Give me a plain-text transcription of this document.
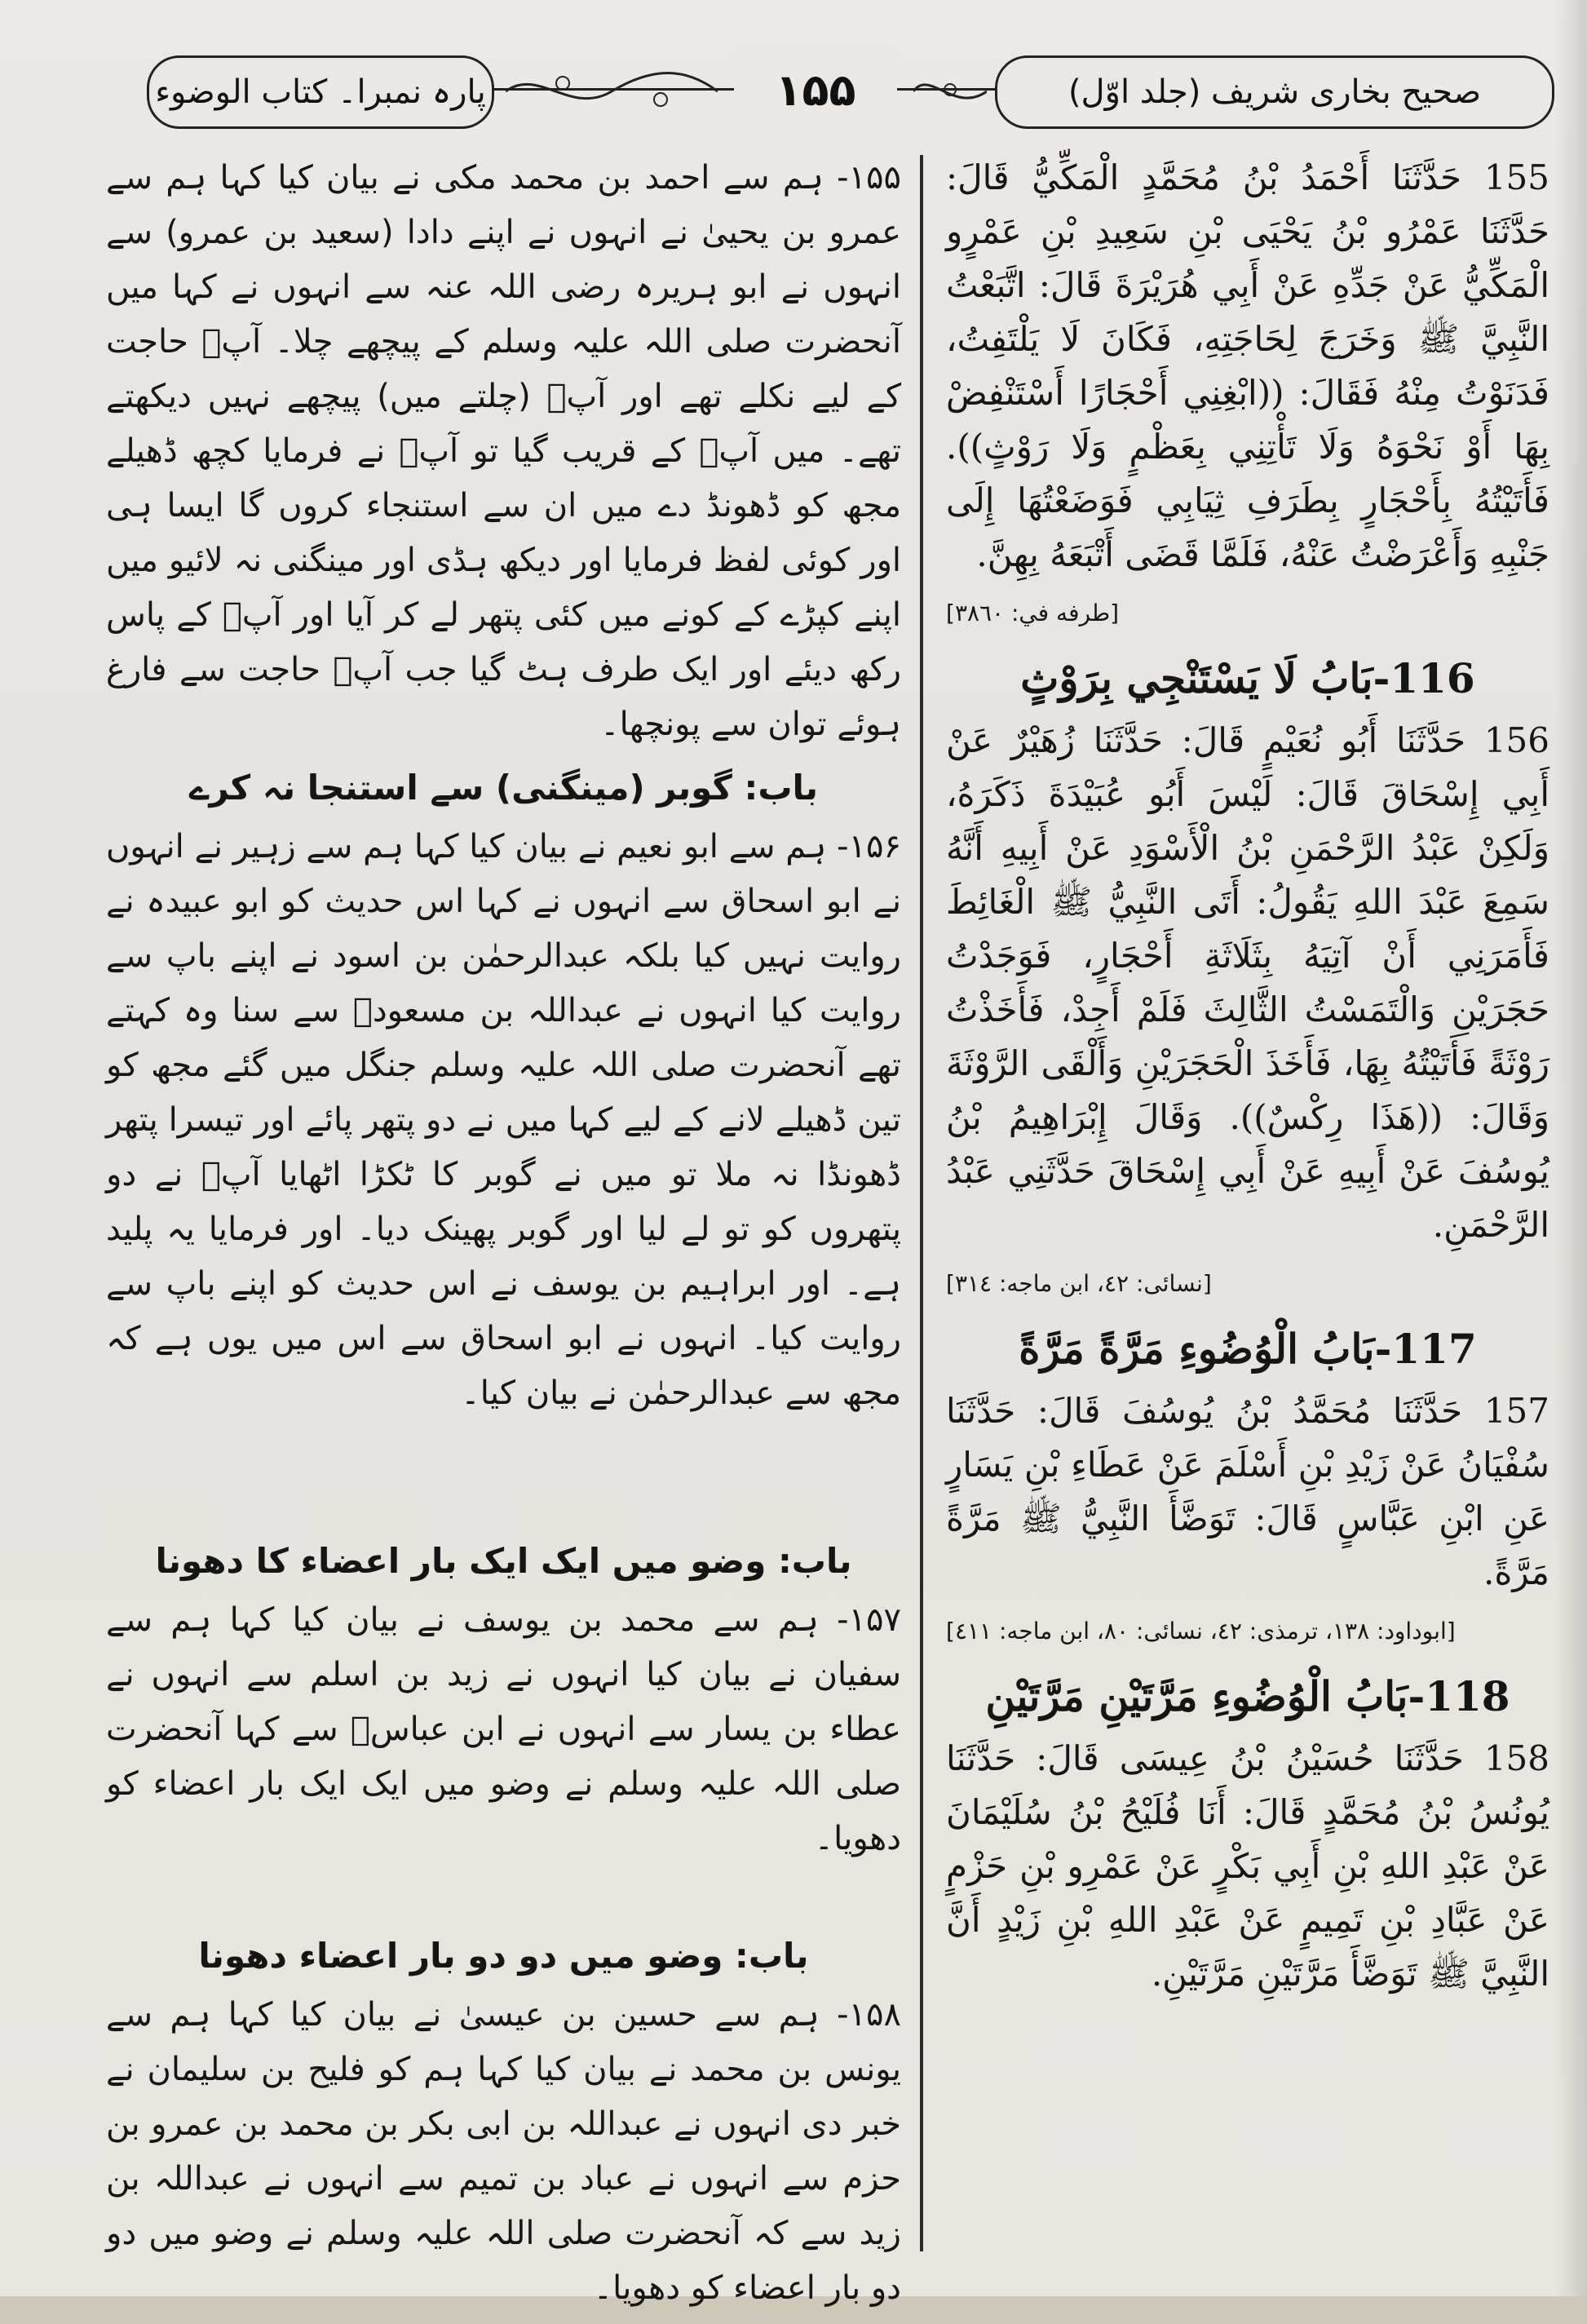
پارہ نمبرا۔ کتاب الوضوء	۱۵۵	صحیح بخاری شریف (جلد اوّل)

۱۵۵- ہم سے احمد بن محمد مکی نے بیان کیا کہا ہم سے عمرو بن یحییٰ نے انہوں نے اپنے دادا (سعید بن عمرو) سے انہوں نے ابو ہریرہ رضی اللہ عنہ سے انہوں نے کہا میں آنحضرت صلی اللہ علیہ وسلم کے پیچھے چلا۔ آپؐ حاجت کے لیے نکلے تھے اور آپؐ (چلتے میں) پیچھے نہیں دیکھتے تھے۔ میں آپؐ کے قریب گیا تو آپؐ نے فرمایا کچھ ڈھیلے مجھ کو ڈھونڈ دے میں ان سے استنجاء کروں گا ایسا ہی اور کوئی لفظ فرمایا اور دیکھ ہڈی اور مینگنی نہ لائیو میں اپنے کپڑے کے کونے میں کئی پتھر لے کر آیا اور آپؐ کے پاس رکھ دیئے اور ایک طرف ہٹ گیا جب آپؐ حاجت سے فارغ ہوئے توان سے پونچھا۔

باب: گوبر (مینگنی) سے استنجا نہ کرے

۱۵۶- ہم سے ابو نعیم نے بیان کیا کہا ہم سے زہیر نے انہوں نے ابو اسحاق سے انہوں نے کہا اس حدیث کو ابو عبیدہ نے روایت نہیں کیا بلکہ عبدالرحمٰن بن اسود نے اپنے باپ سے روایت کیا انہوں نے عبداللہ بن مسعودؓ سے سنا وہ کہتے تھے آنحضرت صلی اللہ علیہ وسلم جنگل میں گئے مجھ کو تین ڈھیلے لانے کے لیے کہا میں نے دو پتھر پائے اور تیسرا پتھر ڈھونڈا نہ ملا تو میں نے گوبر کا ٹکڑا اٹھایا آپؐ نے دو پتھروں کو تو لے لیا اور گوبر پھینک دیا۔ اور فرمایا یہ پلید ہے۔ اور ابراہیم بن یوسف نے اس حدیث کو اپنے باپ سے روایت کیا۔ انہوں نے ابو اسحاق سے اس میں یوں ہے کہ مجھ سے عبدالرحمٰن نے بیان کیا۔

باب: وضو میں ایک ایک بار اعضاء کا دھونا

۱۵۷- ہم سے محمد بن یوسف نے بیان کیا کہا ہم سے سفیان نے بیان کیا انہوں نے زید بن اسلم سے انہوں نے عطاء بن یسار سے انہوں نے ابن عباسؓ سے کہا آنحضرت صلی اللہ علیہ وسلم نے وضو میں ایک ایک بار اعضاء کو دھویا۔

باب: وضو میں دو دو بار اعضاء دھونا

۱۵۸- ہم سے حسین بن عیسیٰ نے بیان کیا کہا ہم سے یونس بن محمد نے بیان کیا کہا ہم کو فلیح بن سلیمان نے خبر دی انہوں نے عبداللہ بن ابی بکر بن محمد بن عمرو بن حزم سے انہوں نے عباد بن تمیم سے انہوں نے عبداللہ بن زید سے کہ آنحضرت صلی اللہ علیہ وسلم نے وضو میں دو دو بار اعضاء کو دھویا۔

155 حَدَّثَنَا أَحْمَدُ بْنُ مُحَمَّدٍ الْمَكِّيُّ قَالَ: حَدَّثَنَا عَمْرُو بْنُ يَحْيَى بْنِ سَعِيدِ بْنِ عَمْرٍو الْمَكِّيُّ عَنْ جَدِّهِ عَنْ أَبِي هُرَيْرَةَ قَالَ: اتَّبَعْتُ النَّبِيَّ ﷺ وَخَرَجَ لِحَاجَتِهِ، فَكَانَ لَا يَلْتَفِتُ، فَدَنَوْتُ مِنْهُ فَقَالَ: ((ابْغِنِي أَحْجَارًا أَسْتَنْفِضْ بِهَا أَوْ نَحْوَهُ وَلَا تَأْتِنِي بِعَظْمٍ وَلَا رَوْثٍ)). فَأَتَيْتُهُ بِأَحْجَارٍ بِطَرَفِ ثِيَابِي فَوَضَعْتُهَا إِلَى جَنْبِهِ وَأَعْرَضْتُ عَنْهُ، فَلَمَّا قَضَى أَتْبَعَهُ بِهِنَّ.

[طرفه في: ٣٨٦٠]
116-بَابُ لَا يَسْتَنْجِي بِرَوْثٍ

156 حَدَّثَنَا أَبُو نُعَيْمٍ قَالَ: حَدَّثَنَا زُهَيْرٌ عَنْ أَبِي إِسْحَاقَ قَالَ: لَيْسَ أَبُو عُبَيْدَةَ ذَكَرَهُ، وَلَكِنْ عَبْدُ الرَّحْمَنِ بْنُ الْأَسْوَدِ عَنْ أَبِيهِ أَنَّهُ سَمِعَ عَبْدَ اللهِ يَقُولُ: أَتَى النَّبِيُّ ﷺ الْغَائِطَ فَأَمَرَنِي أَنْ آتِيَهُ بِثَلَاثَةِ أَحْجَارٍ، فَوَجَدْتُ حَجَرَيْنِ وَالْتَمَسْتُ الثَّالِثَ فَلَمْ أَجِدْ، فَأَخَذْتُ رَوْثَةً فَأَتَيْتُهُ بِهَا، فَأَخَذَ الْحَجَرَيْنِ وَأَلْقَى الرَّوْثَةَ وَقَالَ: ((هَذَا رِكْسٌ)). وَقَالَ إِبْرَاهِيمُ بْنُ يُوسُفَ عَنْ أَبِيهِ عَنْ أَبِي إِسْحَاقَ حَدَّثَنِي عَبْدُ الرَّحْمَنِ.

[نسائی: ٤٢، ابن ماجه: ٣١٤]
117-بَابُ الْوُضُوءِ مَرَّةً مَرَّةً

157 حَدَّثَنَا مُحَمَّدُ بْنُ يُوسُفَ قَالَ: حَدَّثَنَا سُفْيَانُ عَنْ زَيْدِ بْنِ أَسْلَمَ عَنْ عَطَاءِ بْنِ يَسَارٍ عَنِ ابْنِ عَبَّاسٍ قَالَ: تَوَضَّأَ النَّبِيُّ ﷺ مَرَّةً مَرَّةً.

[ابوداود: ١٣٨، ترمذی: ٤٢، نسائی: ٨٠، ابن ماجه: ٤١١]
118-بَابُ الْوُضُوءِ مَرَّتَيْنِ مَرَّتَيْنِ

158 حَدَّثَنَا حُسَيْنُ بْنُ عِيسَى قَالَ: حَدَّثَنَا يُونُسُ بْنُ مُحَمَّدٍ قَالَ: أَنَا فُلَيْحُ بْنُ سُلَيْمَانَ عَنْ عَبْدِ اللهِ بْنِ أَبِي بَكْرٍ عَنْ عَمْرِو بْنِ حَزْمٍ عَنْ عَبَّادِ بْنِ تَمِيمٍ عَنْ عَبْدِ اللهِ بْنِ زَيْدٍ أَنَّ النَّبِيَّ ﷺ تَوَضَّأَ مَرَّتَيْنِ مَرَّتَيْنِ.
